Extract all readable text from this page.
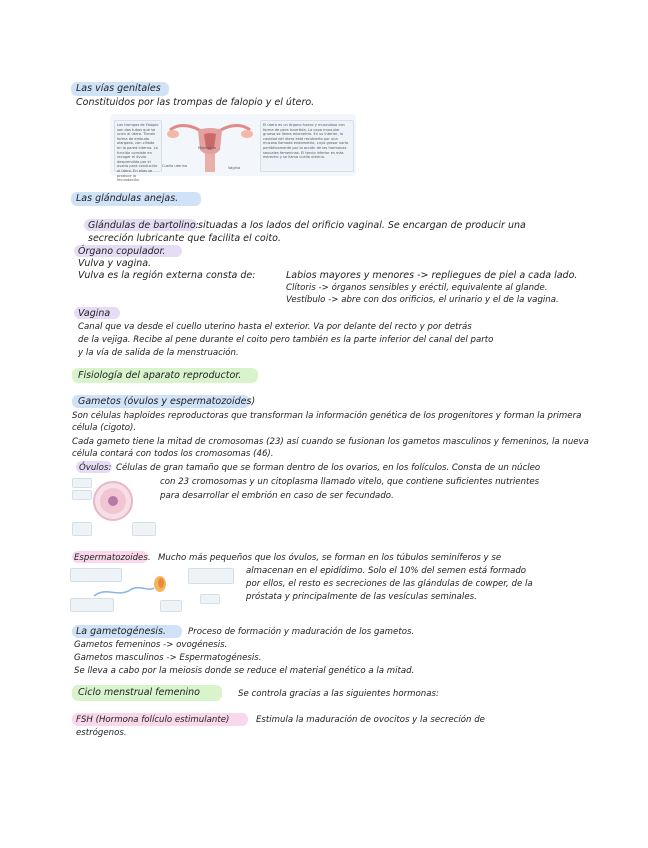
Las vías genitales
Constituidos por las trompas de falopio y el útero.
Las trompas de Falopio son dos tubos que se unen al útero. Tienen forma de embudo alargado, con ciliado en la pared interna. La función consiste en recoger el óvulo desprendido por el ovario para conducirlo al útero. En ellas se produce la fecundación.
Miometrio
Cuello uterino	Vagina
El útero es un órgano hueco y musculoso con forma de pera invertida. La capa muscular gruesa se llama miometrio. En su interior, la cavidad del útero está recubierta por una mucosa llamada endometrio, cuyo grosor varía periódicamente por la acción de las hormonas sexuales femeninas. El tercio inferior es más estrecho y se llama cuello uterino.
Las glándulas anejas.
Glándulas de bartolino: situadas a los lados del orificio vaginal. Se encargan de producir una
secreción lubricante que facilita el coito.
Órgano copulador.
Vulva y vagina.
Vulva es la región externa consta de:	Labios mayores y menores -> repliegues de piel a cada lado.
Clítoris -> órganos sensibles y eréctil, equivalente al glande.
Vestíbulo -> abre con dos orificios, el urinario y el de la vagina.
Vagina
Canal que va desde el cuello uterino hasta el exterior. Va por delante del recto y por detrás
de la vejiga. Recibe al pene durante el coito pero también es la parte inferior del canal del parto
y la vía de salida de la menstruación.
Fisiología del aparato reproductor.
Gametos (óvulos y espermatozoides)
Son células haploides reproductoras que transforman la información genética de los progenitores y forman la primera
célula (cigoto).
Cada gameto tiene la mitad de cromosomas (23) así cuando se fusionan los gametos masculinos y femeninos, la nueva
célula contará con todos los cromosomas (46).
Óvulos: Células de gran tamaño que se forman dentro de los ovarios, en los folículos. Consta de un núcleo
con 23 cromosomas y un citoplasma llamado vitelo, que contiene suficientes nutrientes
para desarrollar el embrión en caso de ser fecundado.
Espermatozoides. Mucho más pequeños que los óvulos, se forman en los túbulos seminíferos y se
almacenan en el epidídimo. Solo el 10% del semen está formado
por ellos, el resto es secreciones de las glándulas de cowper, de la
próstata y principalmente de las vesículas seminales.
La gametogénesis.	Proceso de formación y maduración de los gametos.
Gametos femeninos -> ovogénesis.
Gametos masculinos -> Espermatogénesis.
Se lleva a cabo por la meiosis donde se reduce el material genético a la mitad.
Ciclo menstrual femenino	Se controla gracias a las siguientes hormonas:
FSH (Hormona folículo estimulante)	Estimula la maduración de ovocitos y la secreción de
estrógenos.
